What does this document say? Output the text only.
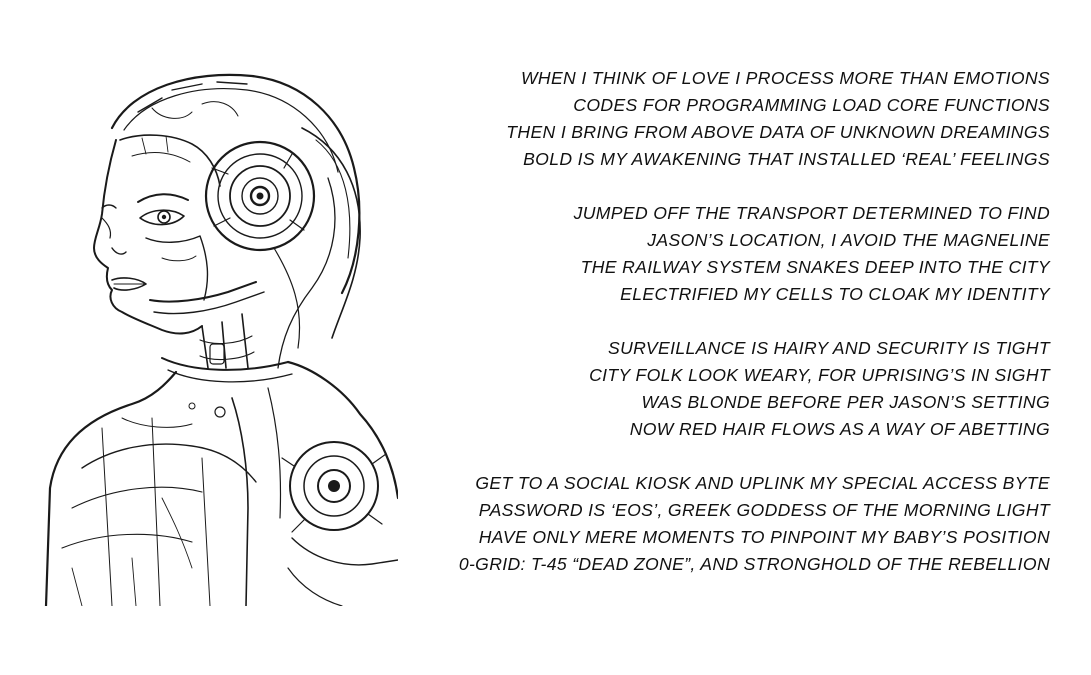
WHEN I THINK OF LOVE I PROCESS MORE THAN EMOTIONS
CODES FOR PROGRAMMING LOAD CORE FUNCTIONS
THEN I BRING FROM ABOVE DATA OF UNKNOWN DREAMINGS
BOLD IS MY AWAKENING THAT INSTALLED ‘REAL’ FEELINGS
JUMPED OFF THE TRANSPORT DETERMINED TO FIND
JASON’S LOCATION, I AVOID THE MAGNELINE
THE RAILWAY SYSTEM SNAKES DEEP INTO THE CITY
ELECTRIFIED MY CELLS TO CLOAK MY IDENTITY
SURVEILLANCE IS HAIRY AND SECURITY IS TIGHT
CITY FOLK LOOK WEARY, FOR UPRISING’S IN SIGHT
WAS BLONDE BEFORE PER JASON’S SETTING
NOW RED HAIR FLOWS AS A WAY OF ABETTING
GET TO A SOCIAL KIOSK AND UPLINK MY SPECIAL ACCESS BYTE
PASSWORD IS ‘EOS’, GREEK GODDESS OF THE MORNING LIGHT
HAVE ONLY MERE MOMENTS TO PINPOINT MY BABY’S POSITION
0-GRID: T-45 “DEAD ZONE”, AND STRONGHOLD OF THE REBELLION
